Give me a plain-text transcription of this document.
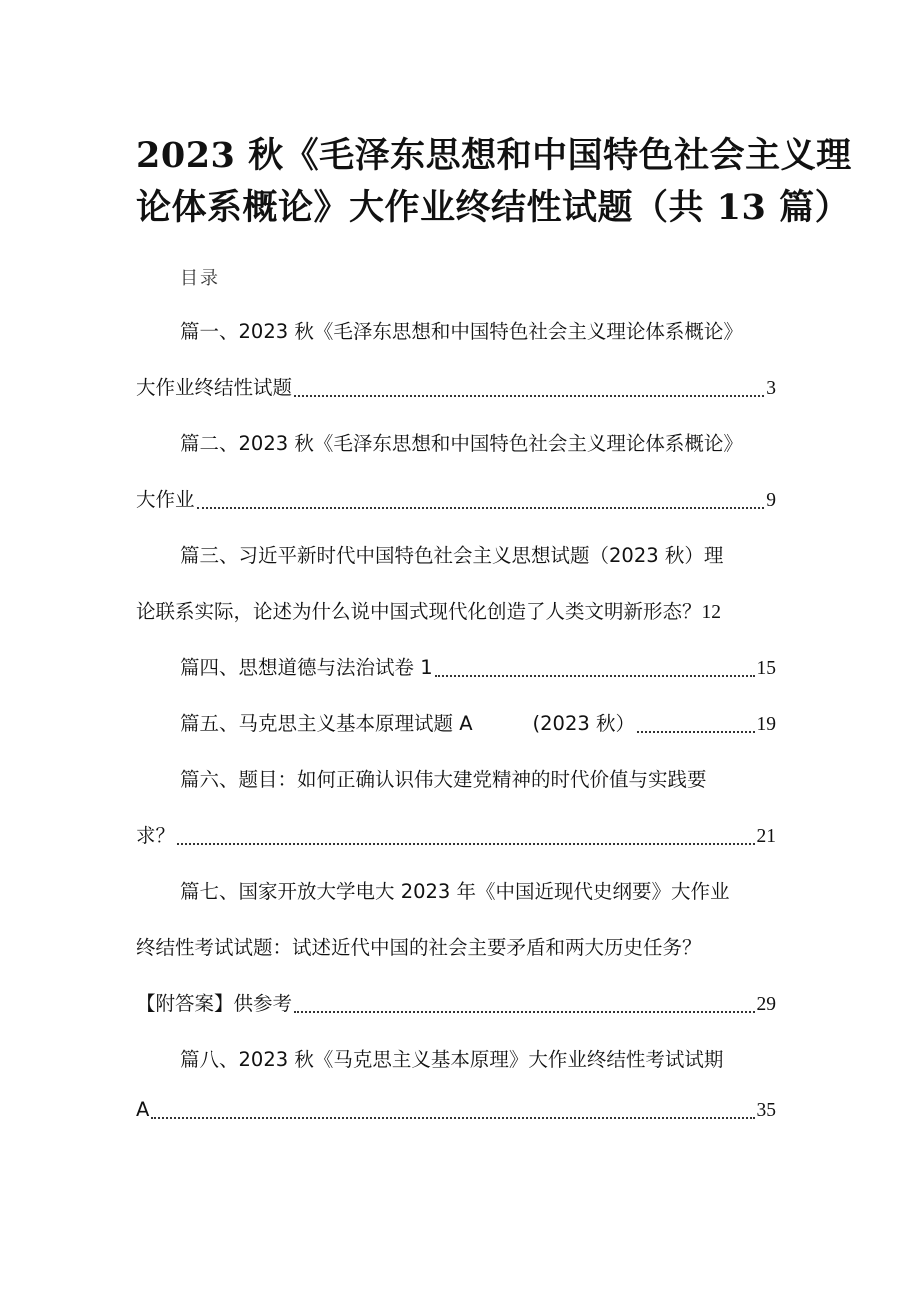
2023 秋《毛泽东思想和中国特色社会主义理
论体系概论》大作业终结性试题（共 13 篇）
目录
篇一、2023 秋《毛泽东思想和中国特色社会主义理论体系概论》
大作业终结性试题	3
篇二、2023 秋《毛泽东思想和中国特色社会主义理论体系概论》
大作业	9
篇三、习近平新时代中国特色社会主义思想试题（2023 秋）理
论联系实际，论述为什么说中国式现代化创造了人类文明新形态？ 12
篇四、思想道德与法治试卷 1	15
篇五、马克思主义基本原理试题 A	(2023 秋）	19
篇六、题目：如何正确认识伟大建党精神的时代价值与实践要
求？	21
篇七、国家开放大学电大 2023 年《中国近现代史纲要》大作业
终结性考试试题：试述近代中国的社会主要矛盾和两大历史任务？
【附答案】供参考	29
篇八、2023 秋《马克思主义基本原理》大作业终结性考试试期
A	35
